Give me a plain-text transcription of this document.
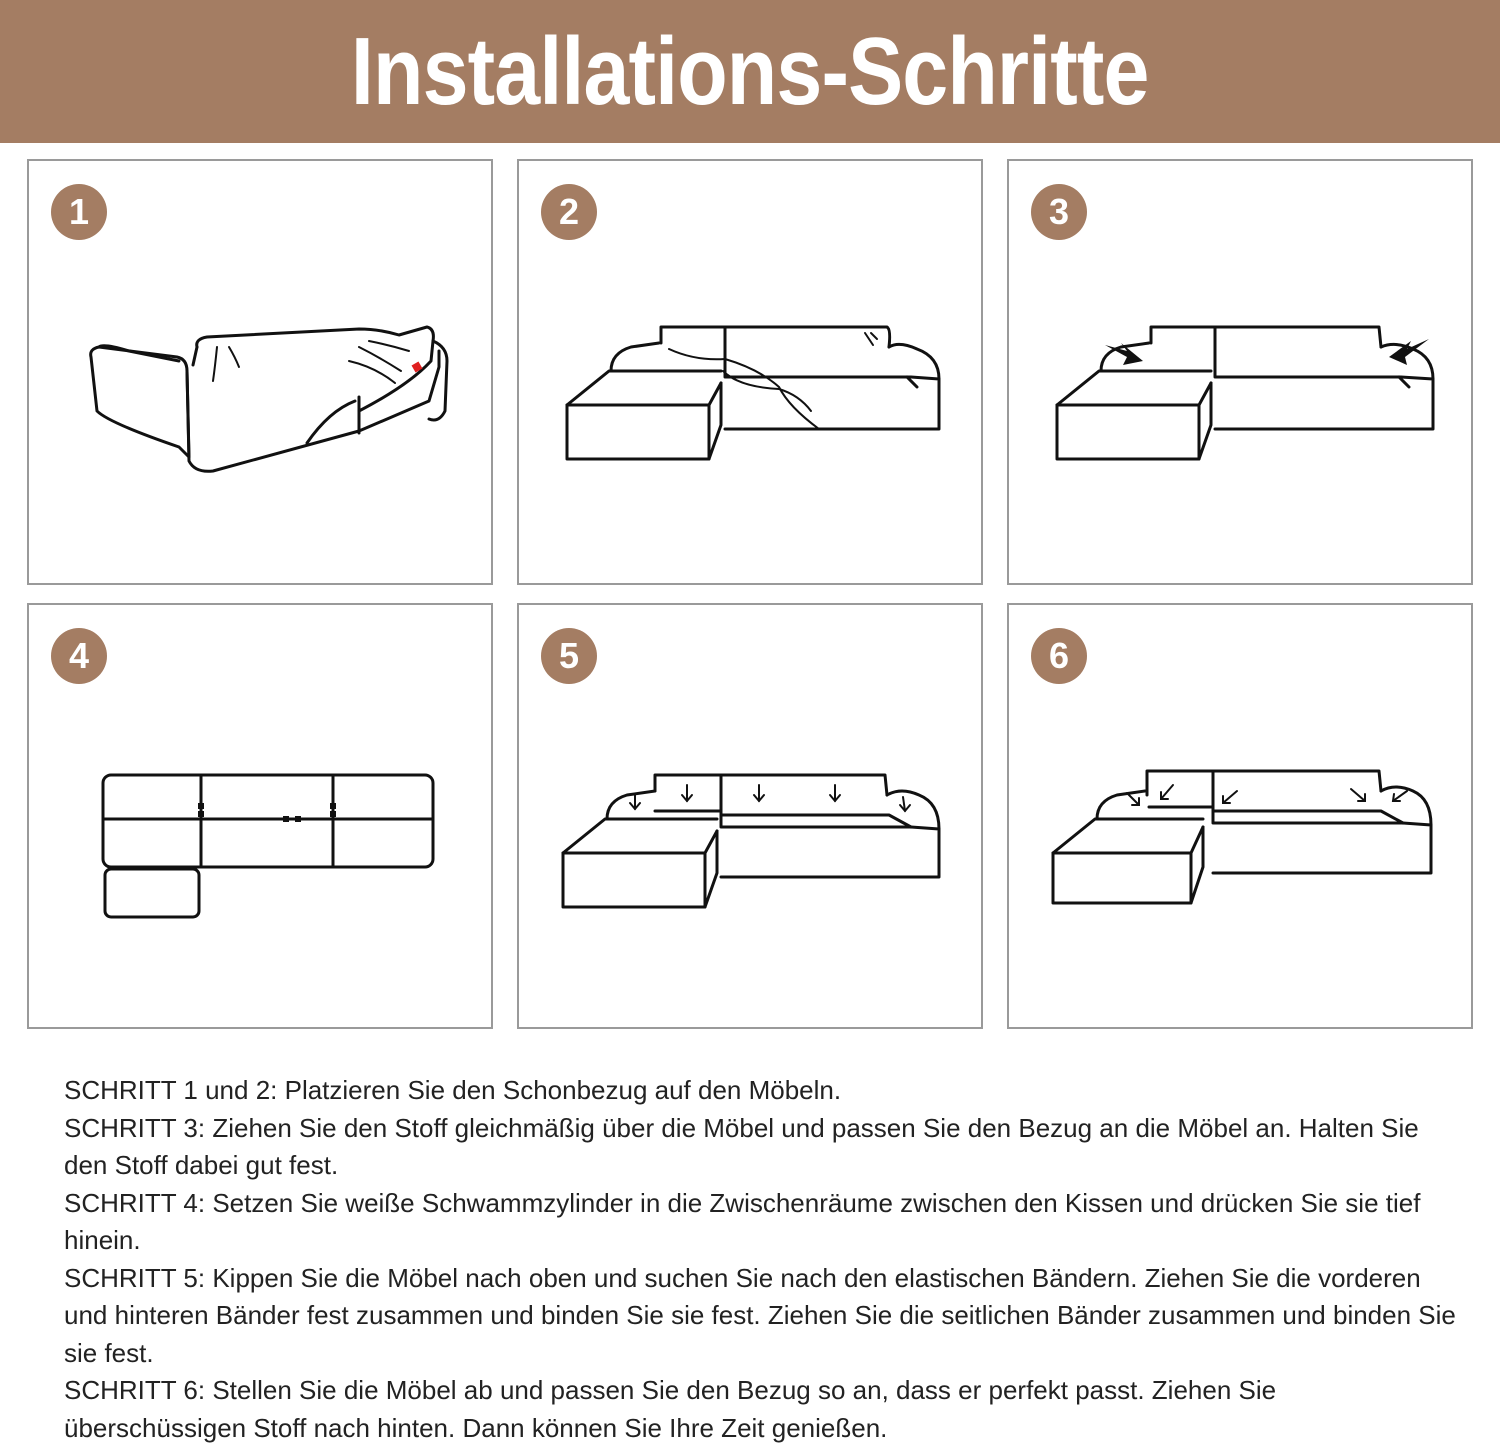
Installations-Schritte
1	2	3
4	5	6

SCHRITT 1 und 2: Platzieren Sie den Schonbezug auf den Möbeln.

SCHRITT 3: Ziehen Sie den Stoff gleichmäßig über die Möbel und passen Sie den Bezug an die Möbel an. Halten Sie den Stoff dabei gut fest.

SCHRITT 4: Setzen Sie weiße Schwammzylinder in die Zwischenräume zwischen den Kissen und drücken Sie sie tief hinein.

SCHRITT 5: Kippen Sie die Möbel nach oben und suchen Sie nach den elastischen Bändern. Ziehen Sie die vorderen und hinteren Bänder fest zusammen und binden Sie sie fest. Ziehen Sie die seitlichen Bänder zusammen und binden Sie sie fest.

SCHRITT 6: Stellen Sie die Möbel ab und passen Sie den Bezug so an, dass er perfekt passt. Ziehen Sie überschüssigen Stoff nach hinten. Dann können Sie Ihre Zeit genießen.
